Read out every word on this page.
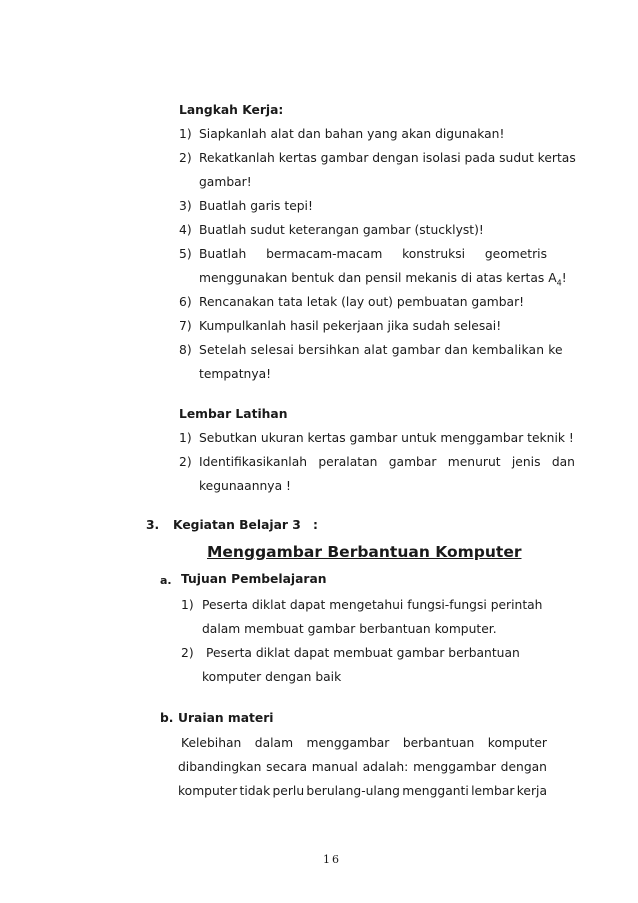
Langkah Kerja:
1) Siapkanlah alat dan bahan yang akan digunakan!
2) Rekatkanlah kertas gambar dengan isolasi pada sudut kertas
gambar!
3) Buatlah garis tepi!
4) Buatlah sudut keterangan gambar (stucklyst)!
5) Buatlah bermacam-macam konstruksi geometris
menggunakan bentuk dan pensil mekanis di atas kertas $A_4$!
6) Rencanakan tata letak (lay out) pembuatan gambar!
7) Kumpulkanlah hasil pekerjaan jika sudah selesai!
8) Setelah selesai bersihkan alat gambar dan kembalikan ke
tempatnya!
Lembar Latihan
1) Sebutkan ukuran kertas gambar untuk menggambar teknik !
2) Identifikasikanlah peralatan gambar menurut jenis dan
kegunaannya !
3. Kegiatan Belajar 3 :
Menggambar Berbantuan Komputer
a. Tujuan Pembelajaran
1) Peserta diklat dapat mengetahui fungsi-fungsi perintah
dalam membuat gambar berbantuan komputer.
2) Peserta diklat dapat membuat gambar berbantuan
komputer dengan baik
b. Uraian materi
Kelebihan dalam menggambar berbantuan komputer
dibandingkan secara manual adalah: menggambar dengan
komputer tidak perlu berulang-ulang mengganti lembar kerja
16
